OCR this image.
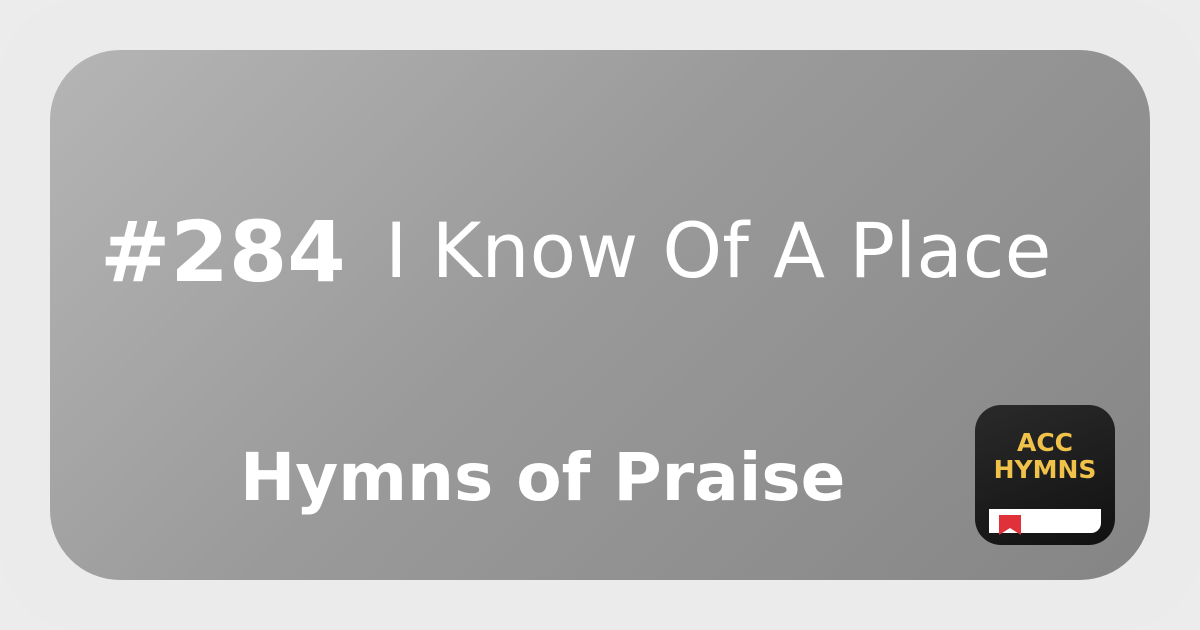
#284 I Know Of A Place
Hymns of Praise	ACC
HYMNS
